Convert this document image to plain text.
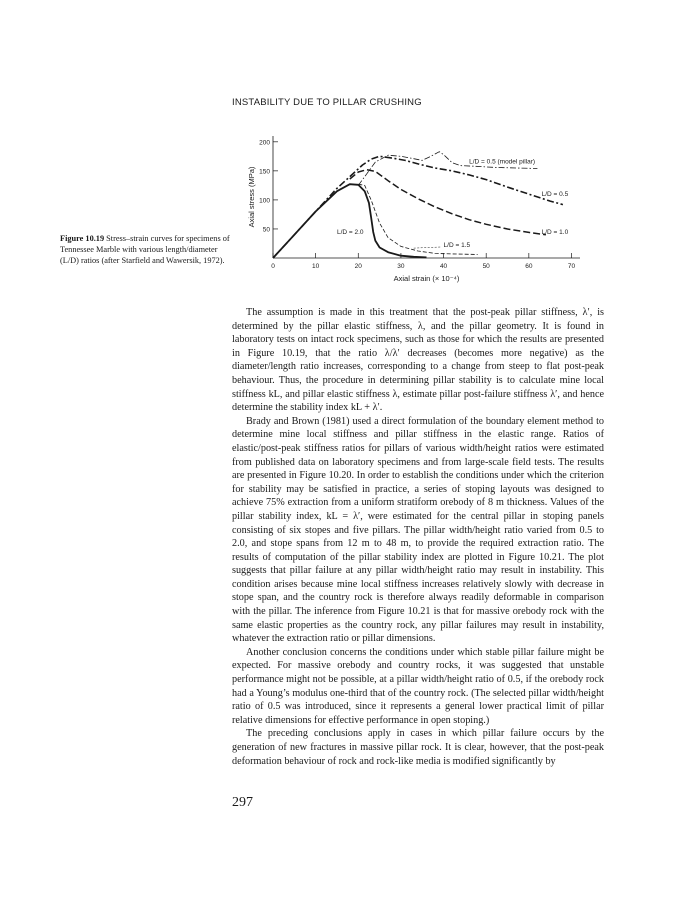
INSTABILITY DUE TO PILLAR CRUSHING
0	10	20	30	40	50	60	70
50
100
150
200
Axial strain (× 10⁻⁴)
Axial stress (MPa)
L/D = 0.5 (model pillar)
L/D = 0.5
L/D = 1.0
L/D = 2.0
L/D = 1.5
Figure 10.19 Stress–strain curves for specimens of Tennessee Marble with various length/diameter (L/D) ratios (after Starfield and Wawersik, 1972).

The assumption is made in this treatment that the post-peak pillar stiffness, λ′, is determined by the pillar elastic stiffness, λ, and the pillar geometry. It is found in laboratory tests on intact rock specimens, such as those for which the results are presented in Figure 10.19, that the ratio λ/λ′ decreases (becomes more negative) as the diameter/length ratio increases, corresponding to a change from steep to flat post-peak behaviour. Thus, the procedure in determining pillar stability is to calculate mine local stiffness kL, and pillar elastic stiffness λ, estimate pillar post-failure stiffness λ′, and hence determine the stability index kL + λ′.

Brady and Brown (1981) used a direct formulation of the boundary element method to determine mine local stiffness and pillar stiffness in the elastic range. Ratios of elastic/post-peak stiffness ratios for pillars of various width/height ratios were estimated from published data on laboratory specimens and from large-scale field tests. The results are presented in Figure 10.20. In order to establish the conditions under which the criterion for stability may be satisfied in practice, a series of stoping layouts was designed to achieve 75% extraction from a uniform stratiform orebody of 8 m thickness. Values of the pillar stability index, kL = λ′, were estimated for the central pillar in stoping panels consisting of six stopes and five pillars. The pillar width/height ratio varied from 0.5 to 2.0, and stope spans from 12 m to 48 m, to provide the required extraction ratio. The results of computation of the pillar stability index are plotted in Figure 10.21. The plot suggests that pillar failure at any pillar width/height ratio may result in instability. This condition arises because mine local stiffness increases relatively slowly with decrease in stope span, and the country rock is therefore always readily deformable in comparison with the pillar. The inference from Figure 10.21 is that for massive orebody rock with the same elastic properties as the country rock, any pillar failures may result in instability, whatever the extraction ratio or pillar dimensions.

Another conclusion concerns the conditions under which stable pillar failure might be expected. For massive orebody and country rocks, it was suggested that unstable performance might not be possible, at a pillar width/height ratio of 0.5, if the orebody rock had a Young’s modulus one-third that of the country rock. (The selected pillar width/height ratio of 0.5 was introduced, since it represents a general lower practical limit of pillar relative dimensions for effective performance in open stoping.)

The preceding conclusions apply in cases in which pillar failure occurs by the generation of new fractures in massive pillar rock. It is clear, however, that the post-peak deformation behaviour of rock and rock-like media is modified significantly by

297
